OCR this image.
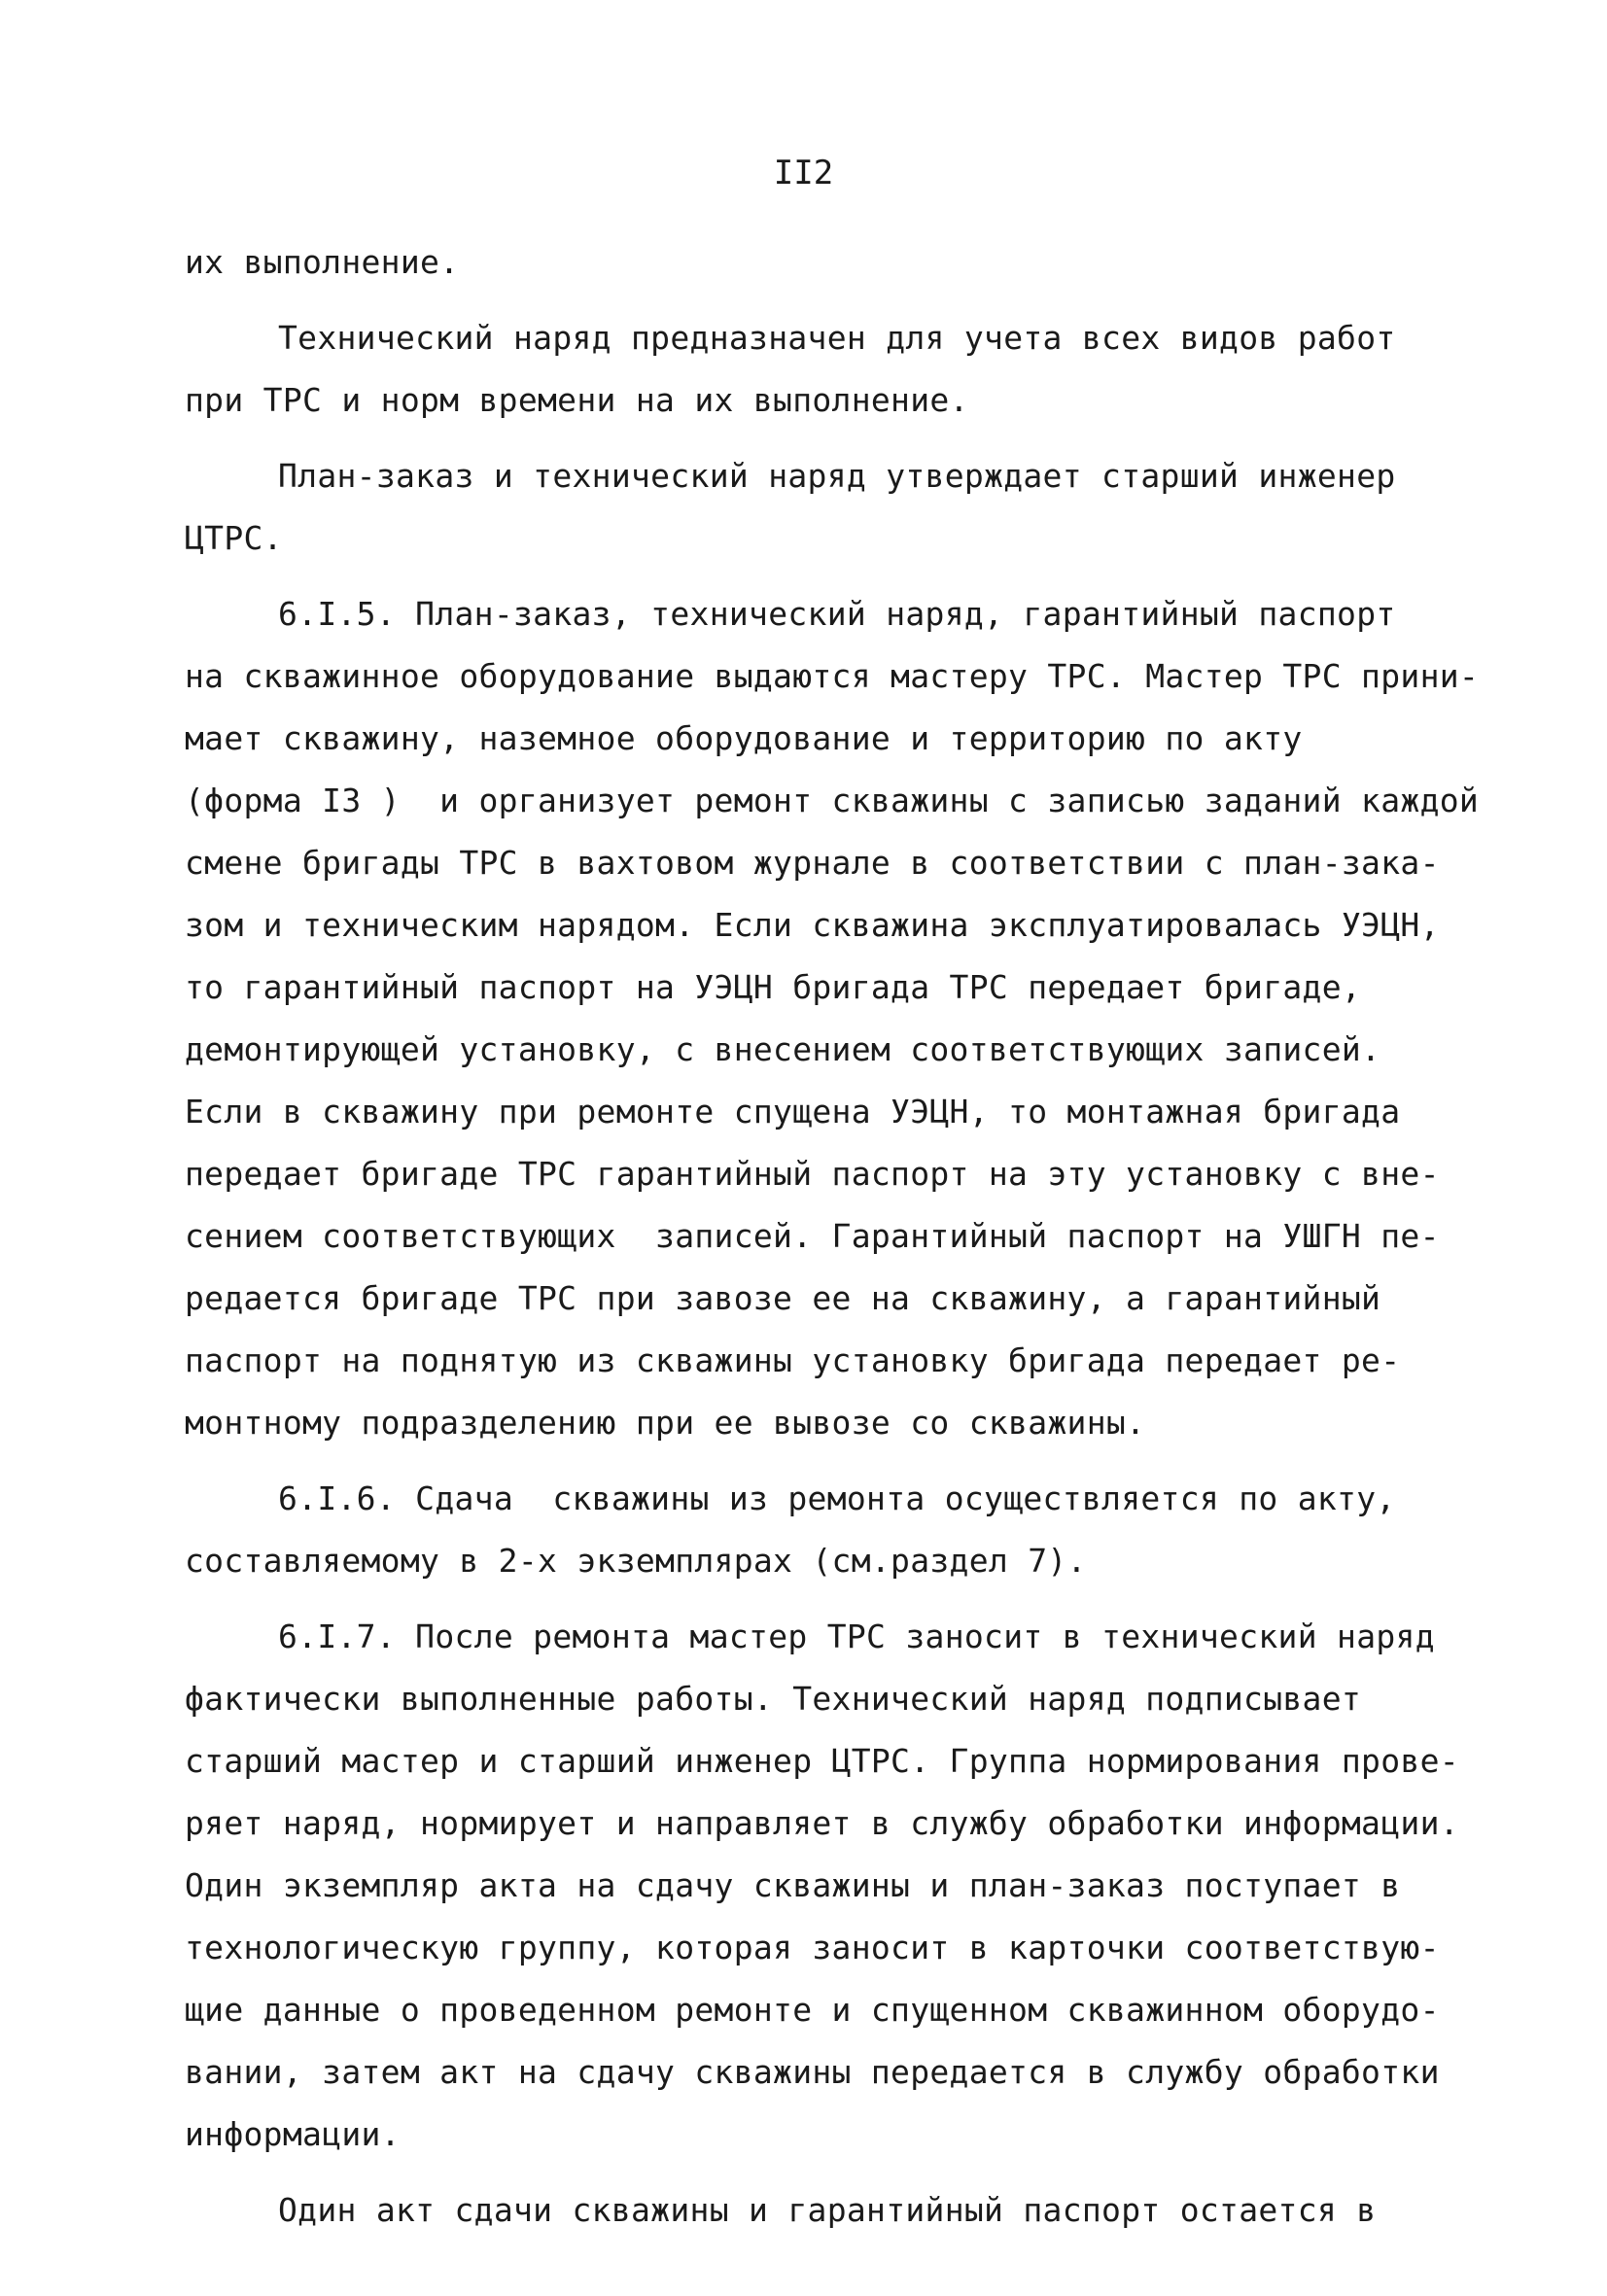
II2
их выполнение.
Технический наряд предназначен для учета всех видов работ
при ТРС и норм времени на их выполнение.
План-заказ и технический наряд утверждает старший инженер
ЦТРС.
6.I.5. План-заказ, технический наряд, гарантийный паспорт
на скважинное оборудование выдаются мастеру ТРС. Мастер ТРС прини-
мает скважину, наземное оборудование и территорию по акту
(форма I3 )  и организует ремонт скважины с записью заданий каждой
смене бригады ТРС в вахтовом журнале в соответствии с план-зака-
зом и техническим нарядом. Если скважина эксплуатировалась УЭЦН,
то гарантийный паспорт на УЭЦН бригада ТРС передает бригаде,
демонтирующей установку, с внесением соответствующих записей.
Если в скважину при ремонте спущена УЭЦН, то монтажная бригада
передает бригаде ТРС гарантийный паспорт на эту установку с вне-
сением соответствующих  записей. Гарантийный паспорт на УШГН пе-
редается бригаде ТРС при завозе ее на скважину, а гарантийный
паспорт на поднятую из скважины установку бригада передает ре-
монтному подразделению при ее вывозе со скважины.
6.I.6. Сдача  скважины из ремонта осуществляется по акту,
составляемому в 2-х экземплярах (см.раздел 7).
6.I.7. После ремонта мастер ТРС заносит в технический наряд
фактически выполненные работы. Технический наряд подписывает
старший мастер и старший инженер ЦТРС. Группа нормирования прове-
ряет наряд, нормирует и направляет в службу обработки информации.
Один экземпляр акта на сдачу скважины и план-заказ поступает в
технологическую группу, которая заносит в карточки соответствую-
щие данные о проведенном ремонте и спущенном скважинном оборудо-
вании, затем акт на сдачу скважины передается в службу обработки
информации.
Один акт сдачи скважины и гарантийный паспорт остается в
